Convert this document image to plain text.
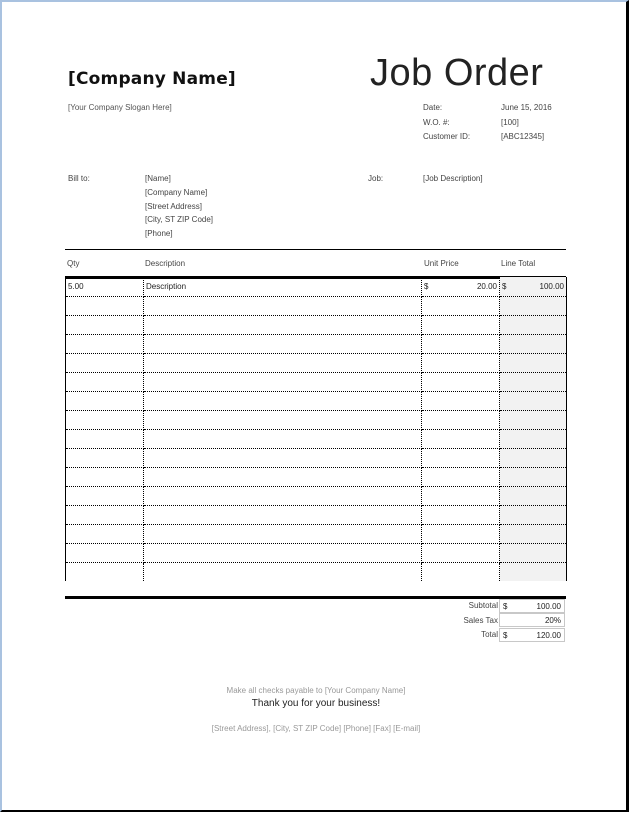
[Company Name]
[Your Company Slogan Here]
Job Order
Date:	June 15, 2016
W.O. #:	[100]
Customer ID:	[ABC12345]
Bill to:	[Name]
[Company Name]
[Street Address]
[City, ST ZIP Code]
[Phone]
Job:	[Job Description]
Qty	Description	Unit Price	Line Total
5.00	Description	$ 20.00	$ 100.00

Subtotal $	100.00
Sales Tax	20%
Total $	120.00
Make all checks payable to [Your Company Name]
Thank you for your business!
[Street Address], [City, ST ZIP Code] [Phone] [Fax] [E-mail]
